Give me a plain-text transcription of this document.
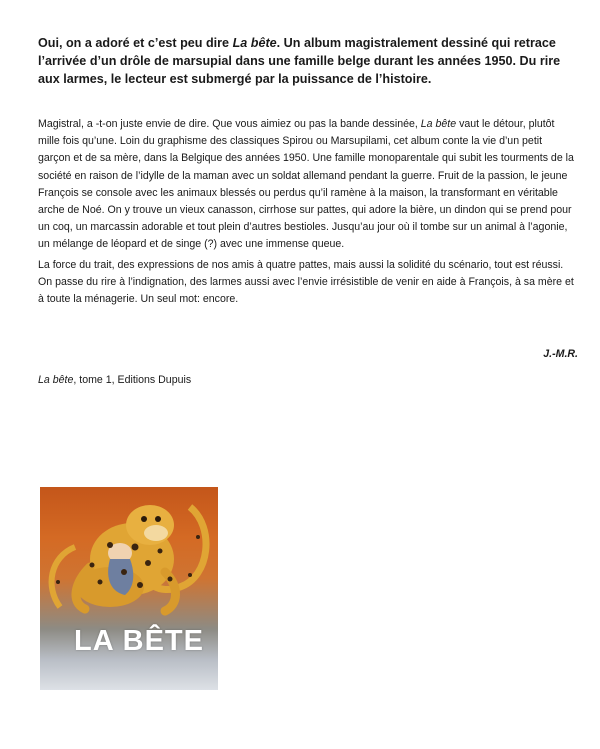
Oui, on a adoré et c’est peu dire La bête. Un album magistralement dessiné qui retrace l’arrivée d’un drôle de marsupial dans une famille belge durant les années 1950. Du rire aux larmes, le lecteur est submergé par la puissance de l’histoire.

Magistral, a -t-on juste envie de dire. Que vous aimiez ou pas la bande dessinée, La bête vaut le détour, plutôt mille fois qu’une. Loin du graphisme des classiques Spirou ou Marsupilami, cet album conte la vie d’un petit garçon et de sa mère, dans la Belgique des années 1950. Une famille monoparentale qui subit les tourments de la société en raison de l’idylle de la maman avec un soldat allemand pendant la guerre. Fruit de la passion, le jeune François se console avec les animaux blessés ou perdus qu’il ramène à la maison, la transformant en véritable arche de Noé. On y trouve un vieux canasson, cirrhose sur pattes, qui adore la bière, un dindon qui se prend pour un coq, un marcassin adorable et tout plein d’autres bestioles. Jusqu’au jour où il tombe sur un animal à l’agonie, un mélange de léopard et de singe (?) avec une immense queue.

La force du trait, des expressions de nos amis à quatre pattes, mais aussi la solidité du scénario, tout est réussi. On passe du rire à l’indignation, des larmes aussi avec l’envie irrésistible de venir en aide à François, à sa mère et à toute la ménagerie. Un seul mot: encore.

J.-M.R.
La bête, tome 1, Editions Dupuis
LA BÊTE
